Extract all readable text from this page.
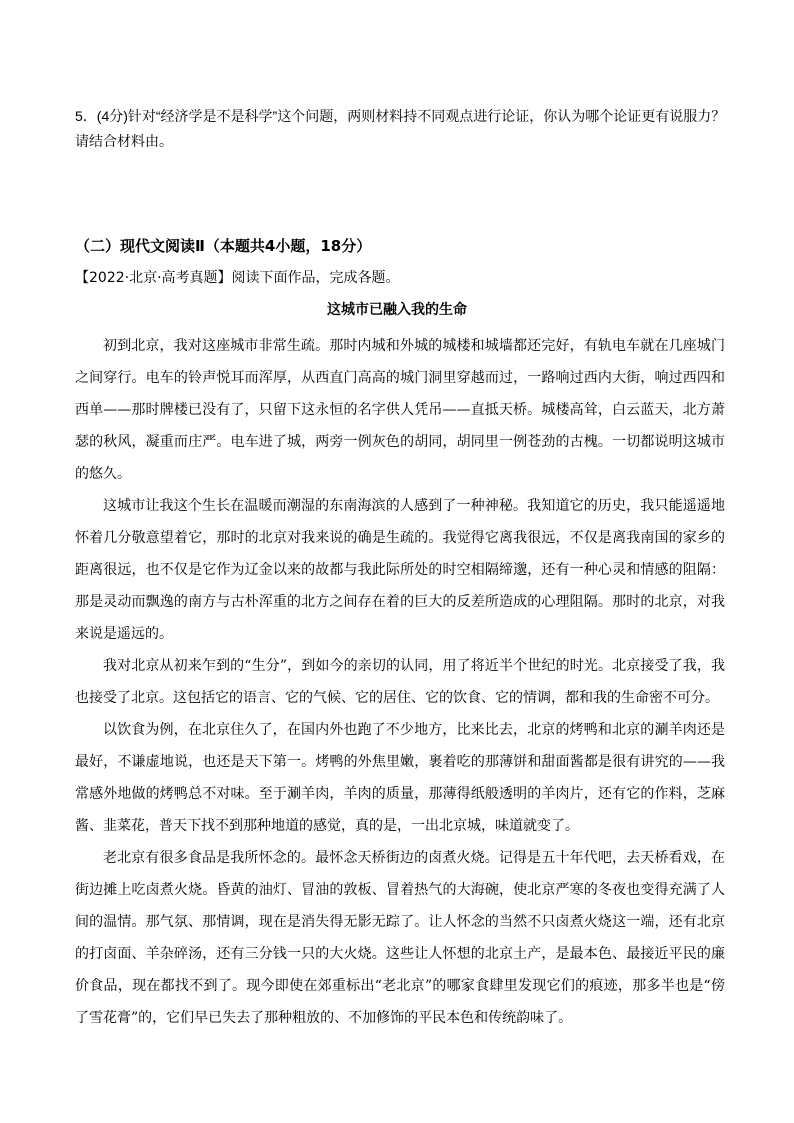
5．(4分)针对“经济学是不是科学”这个问题，两则材料持不同观点进行论证，你认为哪个论证更有说服力？

请结合材料由。

（二）现代文阅读Ⅱ（本题共4小题，18分）
【2022·北京·高考真题】阅读下面作品，完成各题。
这城市已融入我的生命

初到北京，我对这座城市非常生疏。那时内城和外城的城楼和城墙都还完好，有轨电车就在几座城门之间穿行。电车的铃声悦耳而浑厚，从西直门高高的城门洞里穿越而过，一路响过西内大街，响过西四和西单——那时牌楼已没有了，只留下这永恒的名字供人凭吊——直抵天桥。城楼高耸，白云蓝天，北方萧瑟的秋风，凝重而庄严。电车进了城，两旁一例灰色的胡同，胡同里一例苍劲的古槐。一切都说明这城市的悠久。

这城市让我这个生长在温暖而潮湿的东南海滨的人感到了一种神秘。我知道它的历史，我只能遥遥地怀着几分敬意望着它，那时的北京对我来说的确是生疏的。我觉得它离我很远，不仅是离我南国的家乡的距离很远，也不仅是它作为辽金以来的故都与我此际所处的时空相隔缔邈，还有一种心灵和情感的阻隔：那是灵动而飘逸的南方与古朴浑重的北方之间存在着的巨大的反差所造成的心理阻隔。那时的北京，对我来说是遥远的。

我对北京从初来乍到的“生分”，到如今的亲切的认同，用了将近半个世纪的时光。北京接受了我，我也接受了北京。这包括它的语言、它的气候、它的居住、它的饮食、它的情调，都和我的生命密不可分。

以饮食为例，在北京住久了，在国内外也跑了不少地方，比来比去，北京的烤鸭和北京的涮羊肉还是最好，不谦虚地说，也还是天下第一。烤鸭的外焦里嫩，裹着吃的那薄饼和甜面酱都是很有讲究的——我常感外地做的烤鸭总不对味。至于涮羊肉，羊肉的质量，那薄得纸般透明的羊肉片，还有它的作料，芝麻酱、韭菜花，普天下找不到那种地道的感觉，真的是，一出北京城，味道就变了。

老北京有很多食品是我所怀念的。最怀念天桥街边的卤煮火烧。记得是五十年代吧，去天桥看戏，在街边摊上吃卤煮火烧。昏黄的油灯、冒油的敦板、冒着热气的大海碗，使北京严寒的冬夜也变得充满了人间的温情。那气氛、那情调，现在是消失得无影无踪了。让人怀念的当然不只卤煮火烧这一端，还有北京的打卤面、羊杂碎汤，还有三分钱一只的大火烧。这些让人怀想的北京土产，是最本色、最接近平民的廉价食品，现在都找不到了。现今即使在郊重标出“老北京”的哪家食肆里发现它们的痕迹，那多半也是“傍了雪花膏”的，它们早已失去了那种粗放的、不加修饰的平民本色和传统韵味了。
